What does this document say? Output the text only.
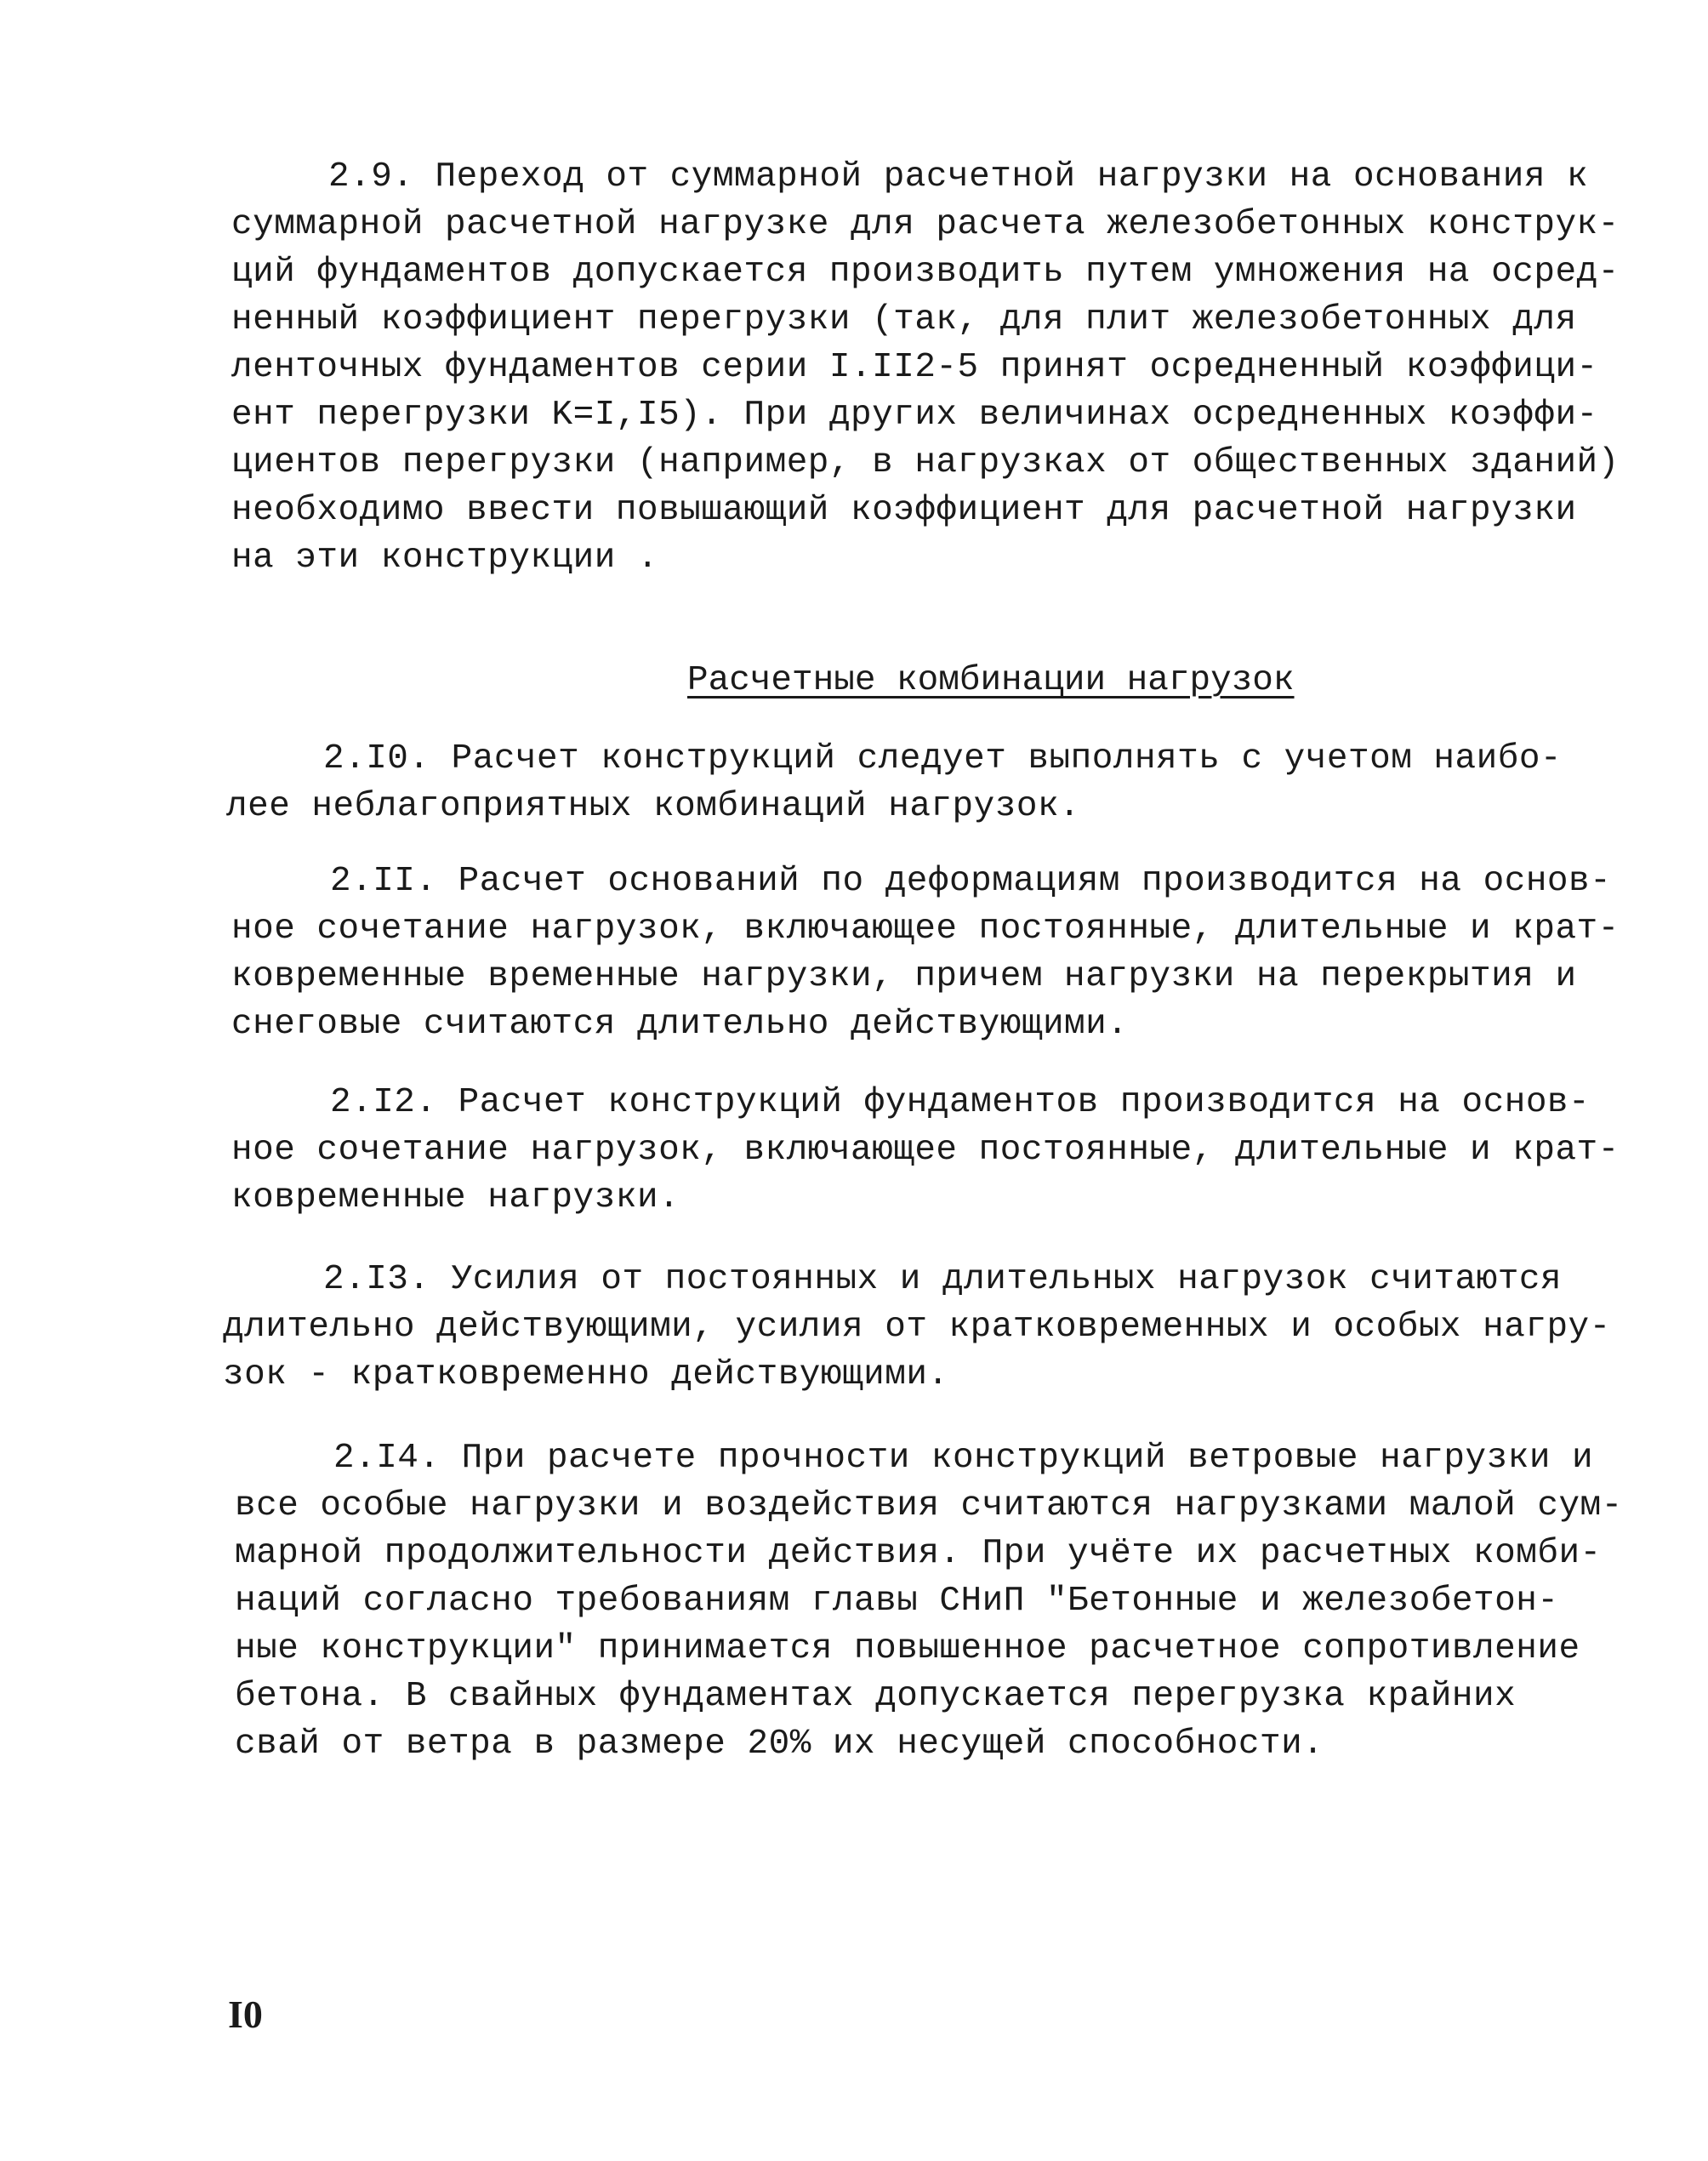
2.9. Переход от суммарной расчетной нагрузки на основания к
суммарной расчетной нагрузке для расчета железобетонных конструк-
ций фундаментов допускается производить путем умножения на осред-
ненный коэффициент перегрузки (так, для плит железобетонных для
ленточных фундаментов серии I.II2-5 принят осредненный коэффици-
ент перегрузки K=I,I5). При других величинах осредненных коэффи-
циентов перегрузки (например, в нагрузках от общественных зданий)
необходимо ввести повышающий коэффициент для расчетной нагрузки
на эти конструкции .
Расчетные комбинации нагрузок
2.I0. Расчет конструкций следует выполнять с учетом наибо-
лее неблагоприятных комбинаций нагрузок.
2.II. Расчет оснований по деформациям производится на основ-
ное сочетание нагрузок, включающее постоянные, длительные и крат-
ковременные временные нагрузки, причем нагрузки на перекрытия и
снеговые считаются длительно действующими.
2.I2. Расчет конструкций фундаментов производится на основ-
ное сочетание нагрузок, включающее постоянные, длительные и крат-
ковременные нагрузки.
2.I3. Усилия от постоянных и длительных нагрузок считаются
длительно действующими, усилия от кратковременных и особых нагру-
зок - кратковременно действующими.
2.I4. При расчете прочности конструкций ветровые нагрузки и
все особые нагрузки и воздействия считаются нагрузками малой сум-
марной продолжительности действия. При учёте их расчетных комби-
наций согласно требованиям главы СНиП "Бетонные и железобетон-
ные конструкции" принимается повышенное расчетное сопротивление
бетона. В свайных фундаментах допускается перегрузка крайних
свай от ветра в размере 20% их несущей способности.
I0
